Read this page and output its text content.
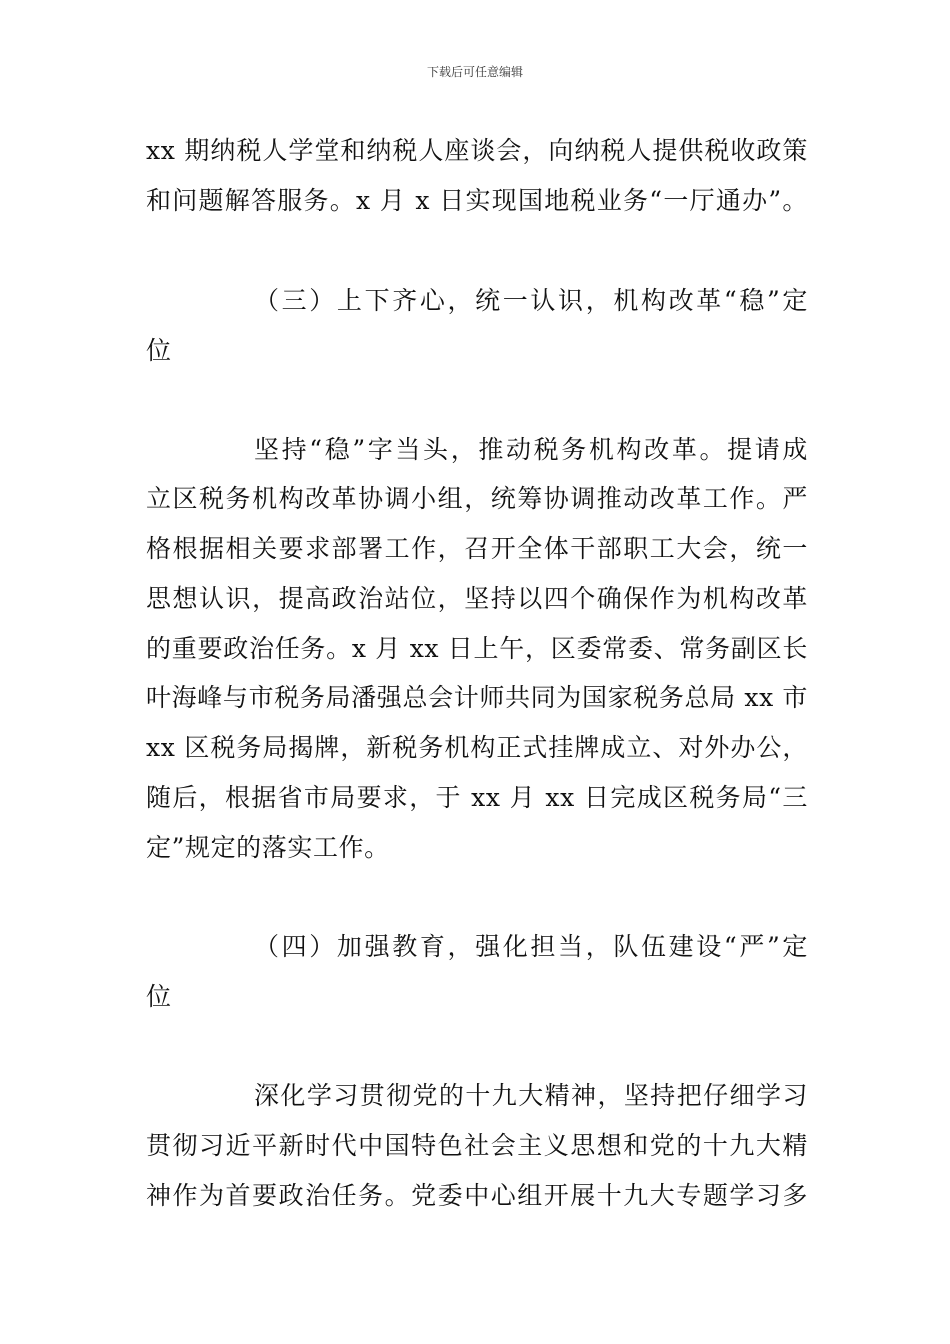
下载后可任意编辑
xx 期纳税人学堂和纳税人座谈会，向纳税人提供税收政策
和问题解答服务。x 月 x 日实现国地税业务“一厅通办”。
（三）上下齐心，统一认识，机构改革“稳”定
位
坚持“稳”字当头，推动税务机构改革。提请成
立区税务机构改革协调小组，统筹协调推动改革工作。严
格根据相关要求部署工作，召开全体干部职工大会，统一
思想认识，提高政治站位，坚持以四个确保作为机构改革
的重要政治任务。x 月 xx 日上午，区委常委、常务副区长
叶海峰与市税务局潘强总会计师共同为国家税务总局 xx 市
xx 区税务局揭牌，新税务机构正式挂牌成立、对外办公，
随后，根据省市局要求，于 xx 月 xx 日完成区税务局“三
定”规定的落实工作。
（四）加强教育，强化担当，队伍建设“严”定
位
深化学习贯彻党的十九大精神，坚持把仔细学习
贯彻习近平新时代中国特色社会主义思想和党的十九大精
神作为首要政治任务。党委中心组开展十九大专题学习多
